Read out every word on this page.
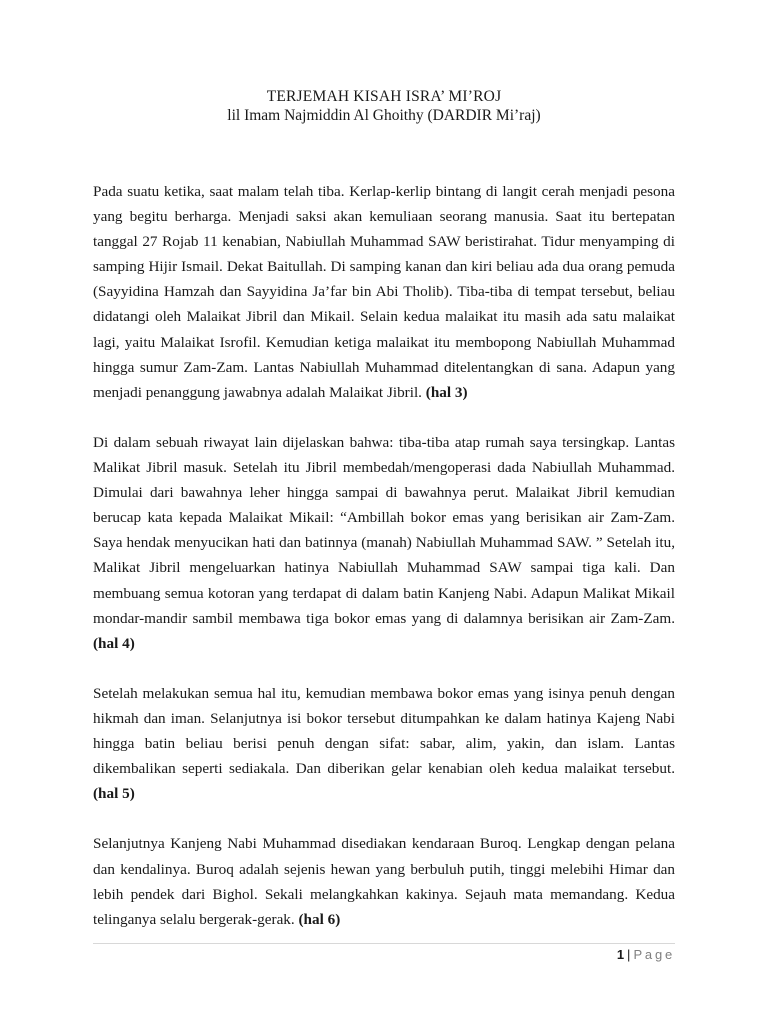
TERJEMAH KISAH ISRA’ MI’ROJ
lil Imam Najmiddin Al Ghoithy (DARDIR Mi’raj)

Pada suatu ketika, saat malam telah tiba. Kerlap-kerlip bintang di langit cerah menjadi pesona yang begitu berharga. Menjadi saksi akan kemuliaan seorang manusia. Saat itu bertepatan tanggal 27 Rojab 11 kenabian, Nabiullah Muhammad SAW beristirahat. Tidur menyamping di samping Hijir Ismail. Dekat Baitullah. Di samping kanan dan kiri beliau ada dua orang pemuda (Sayyidina Hamzah dan Sayyidina Ja’far bin Abi Tholib). Tiba-tiba di tempat tersebut, beliau didatangi oleh Malaikat Jibril dan Mikail. Selain kedua malaikat itu masih ada satu malaikat lagi, yaitu Malaikat Isrofil. Kemudian ketiga malaikat itu membopong Nabiullah Muhammad hingga sumur Zam-Zam. Lantas Nabiullah Muhammad ditelentangkan di sana. Adapun yang menjadi penanggung jawabnya adalah Malaikat Jibril. (hal 3)

Di dalam sebuah riwayat lain dijelaskan bahwa: tiba-tiba atap rumah saya tersingkap. Lantas Malikat Jibril masuk. Setelah itu Jibril membedah/mengoperasi dada Nabiullah Muhammad. Dimulai dari bawahnya leher hingga sampai di bawahnya perut. Malaikat Jibril kemudian berucap kata kepada Malaikat Mikail: “Ambillah bokor emas yang berisikan air Zam-Zam. Saya hendak menyucikan hati dan batinnya (manah) Nabiullah Muhammad SAW. ” Setelah itu, Malikat Jibril mengeluarkan hatinya Nabiullah Muhammad SAW sampai tiga kali. Dan membuang semua kotoran yang terdapat di dalam batin Kanjeng Nabi. Adapun Malikat Mikail mondar-mandir sambil membawa tiga bokor emas yang di dalamnya berisikan air Zam-Zam. (hal 4)

Setelah melakukan semua hal itu, kemudian membawa bokor emas yang isinya penuh dengan hikmah dan iman. Selanjutnya isi bokor tersebut ditumpahkan ke dalam hatinya Kajeng Nabi hingga batin beliau berisi penuh dengan sifat: sabar, alim, yakin, dan islam. Lantas dikembalikan seperti sediakala. Dan diberikan gelar kenabian oleh kedua malaikat tersebut. (hal 5)

Selanjutnya Kanjeng Nabi Muhammad disediakan kendaraan Buroq. Lengkap dengan pelana dan kendalinya. Buroq adalah sejenis hewan yang berbuluh putih, tinggi melebihi Himar dan lebih pendek dari Bighol. Sekali melangkahkan kakinya. Sejauh mata memandang. Kedua telinganya selalu bergerak-gerak. (hal 6)

1 | Page
